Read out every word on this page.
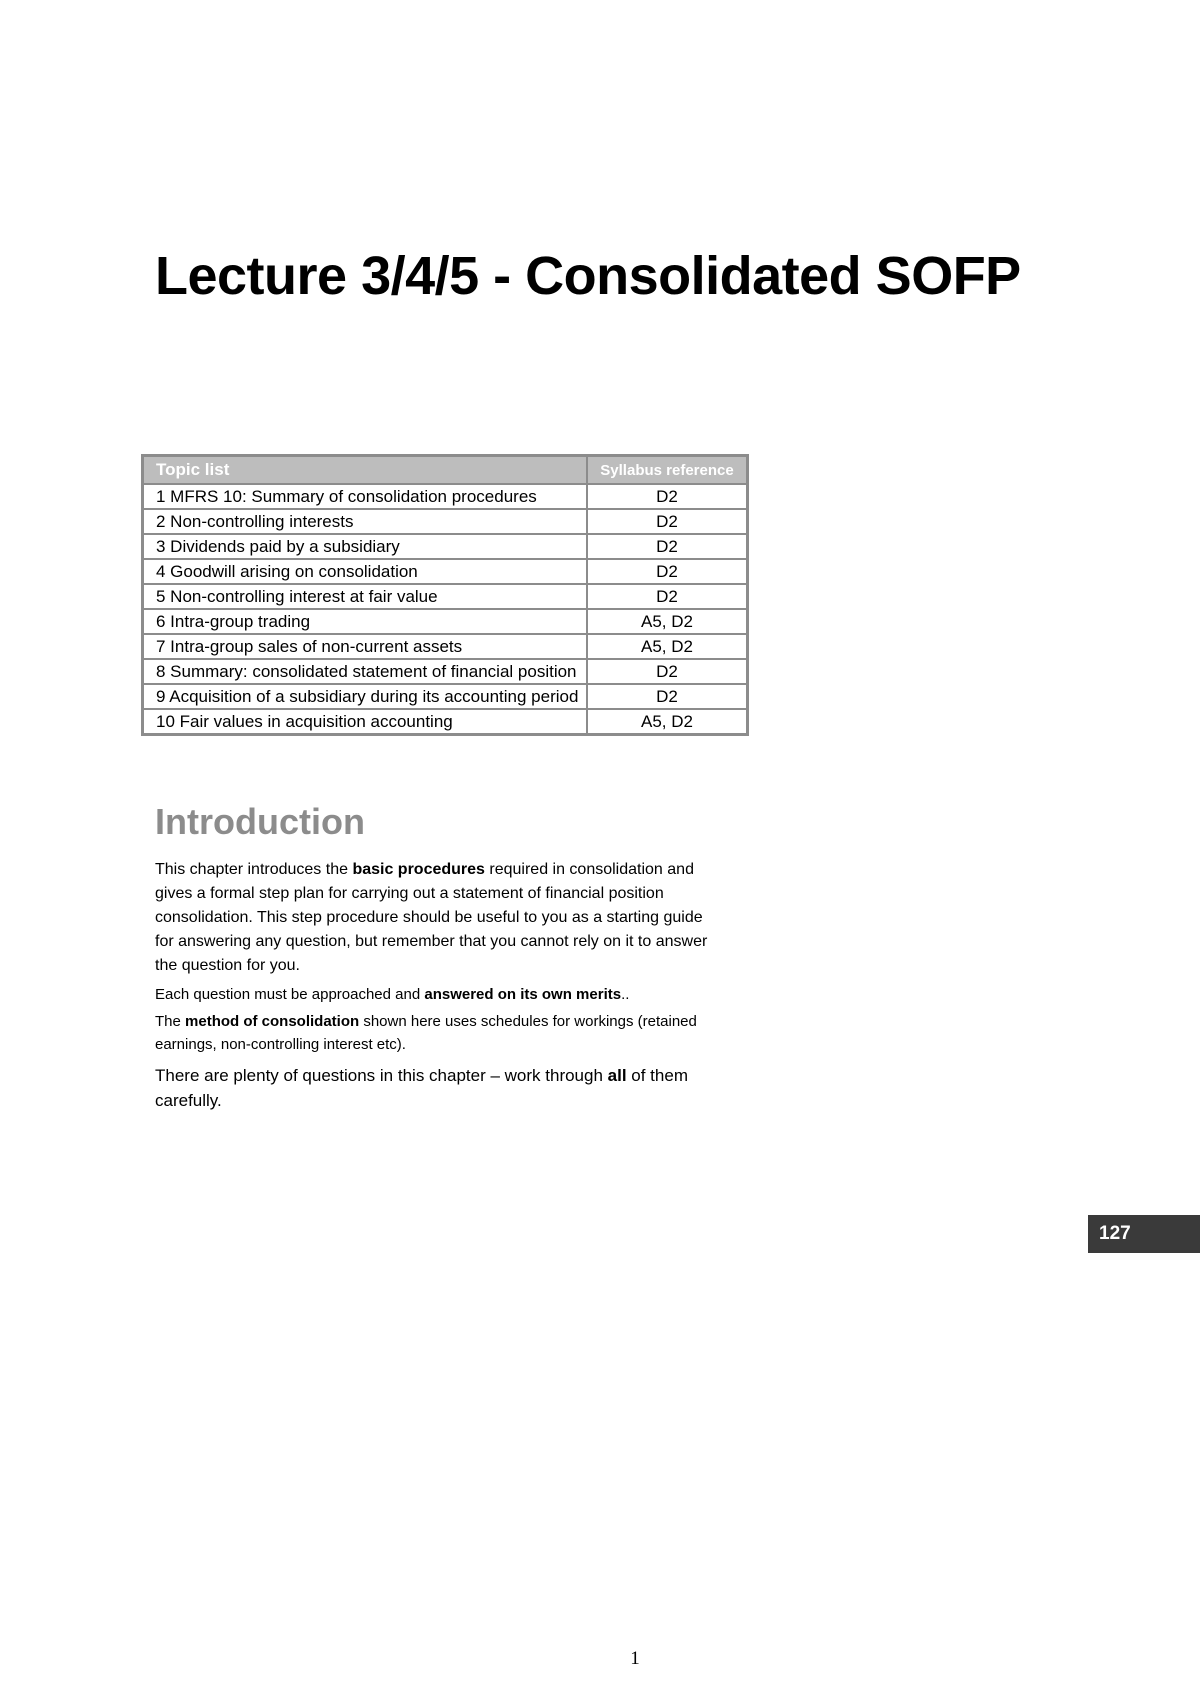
Lecture 3/4/5 - Consolidated SOFP
Topic list	Syllabus reference
1 MFRS 10: Summary of consolidation procedures	D2
2 Non-controlling interests	D2
3 Dividends paid by a subsidiary	D2
4 Goodwill arising on consolidation	D2
5 Non-controlling interest at fair value	D2
6 Intra-group trading	A5, D2
7 Intra-group sales of non-current assets	A5, D2
8 Summary: consolidated statement of financial position	D2
9 Acquisition of a subsidiary during its accounting period	D2
10 Fair values in acquisition accounting	A5, D2
Introduction

This chapter introduces the basic procedures required in consolidation and gives a formal step plan for carrying out a statement of financial position consolidation. This step procedure should be useful to you as a starting guide for answering any question, but remember that you cannot rely on it to answer the question for you.

Each question must be approached and answered on its own merits..

The method of consolidation shown here uses schedules for workings (retained earnings, non-controlling interest etc).

There are plenty of questions in this chapter – work through all of them carefully.

127
1
